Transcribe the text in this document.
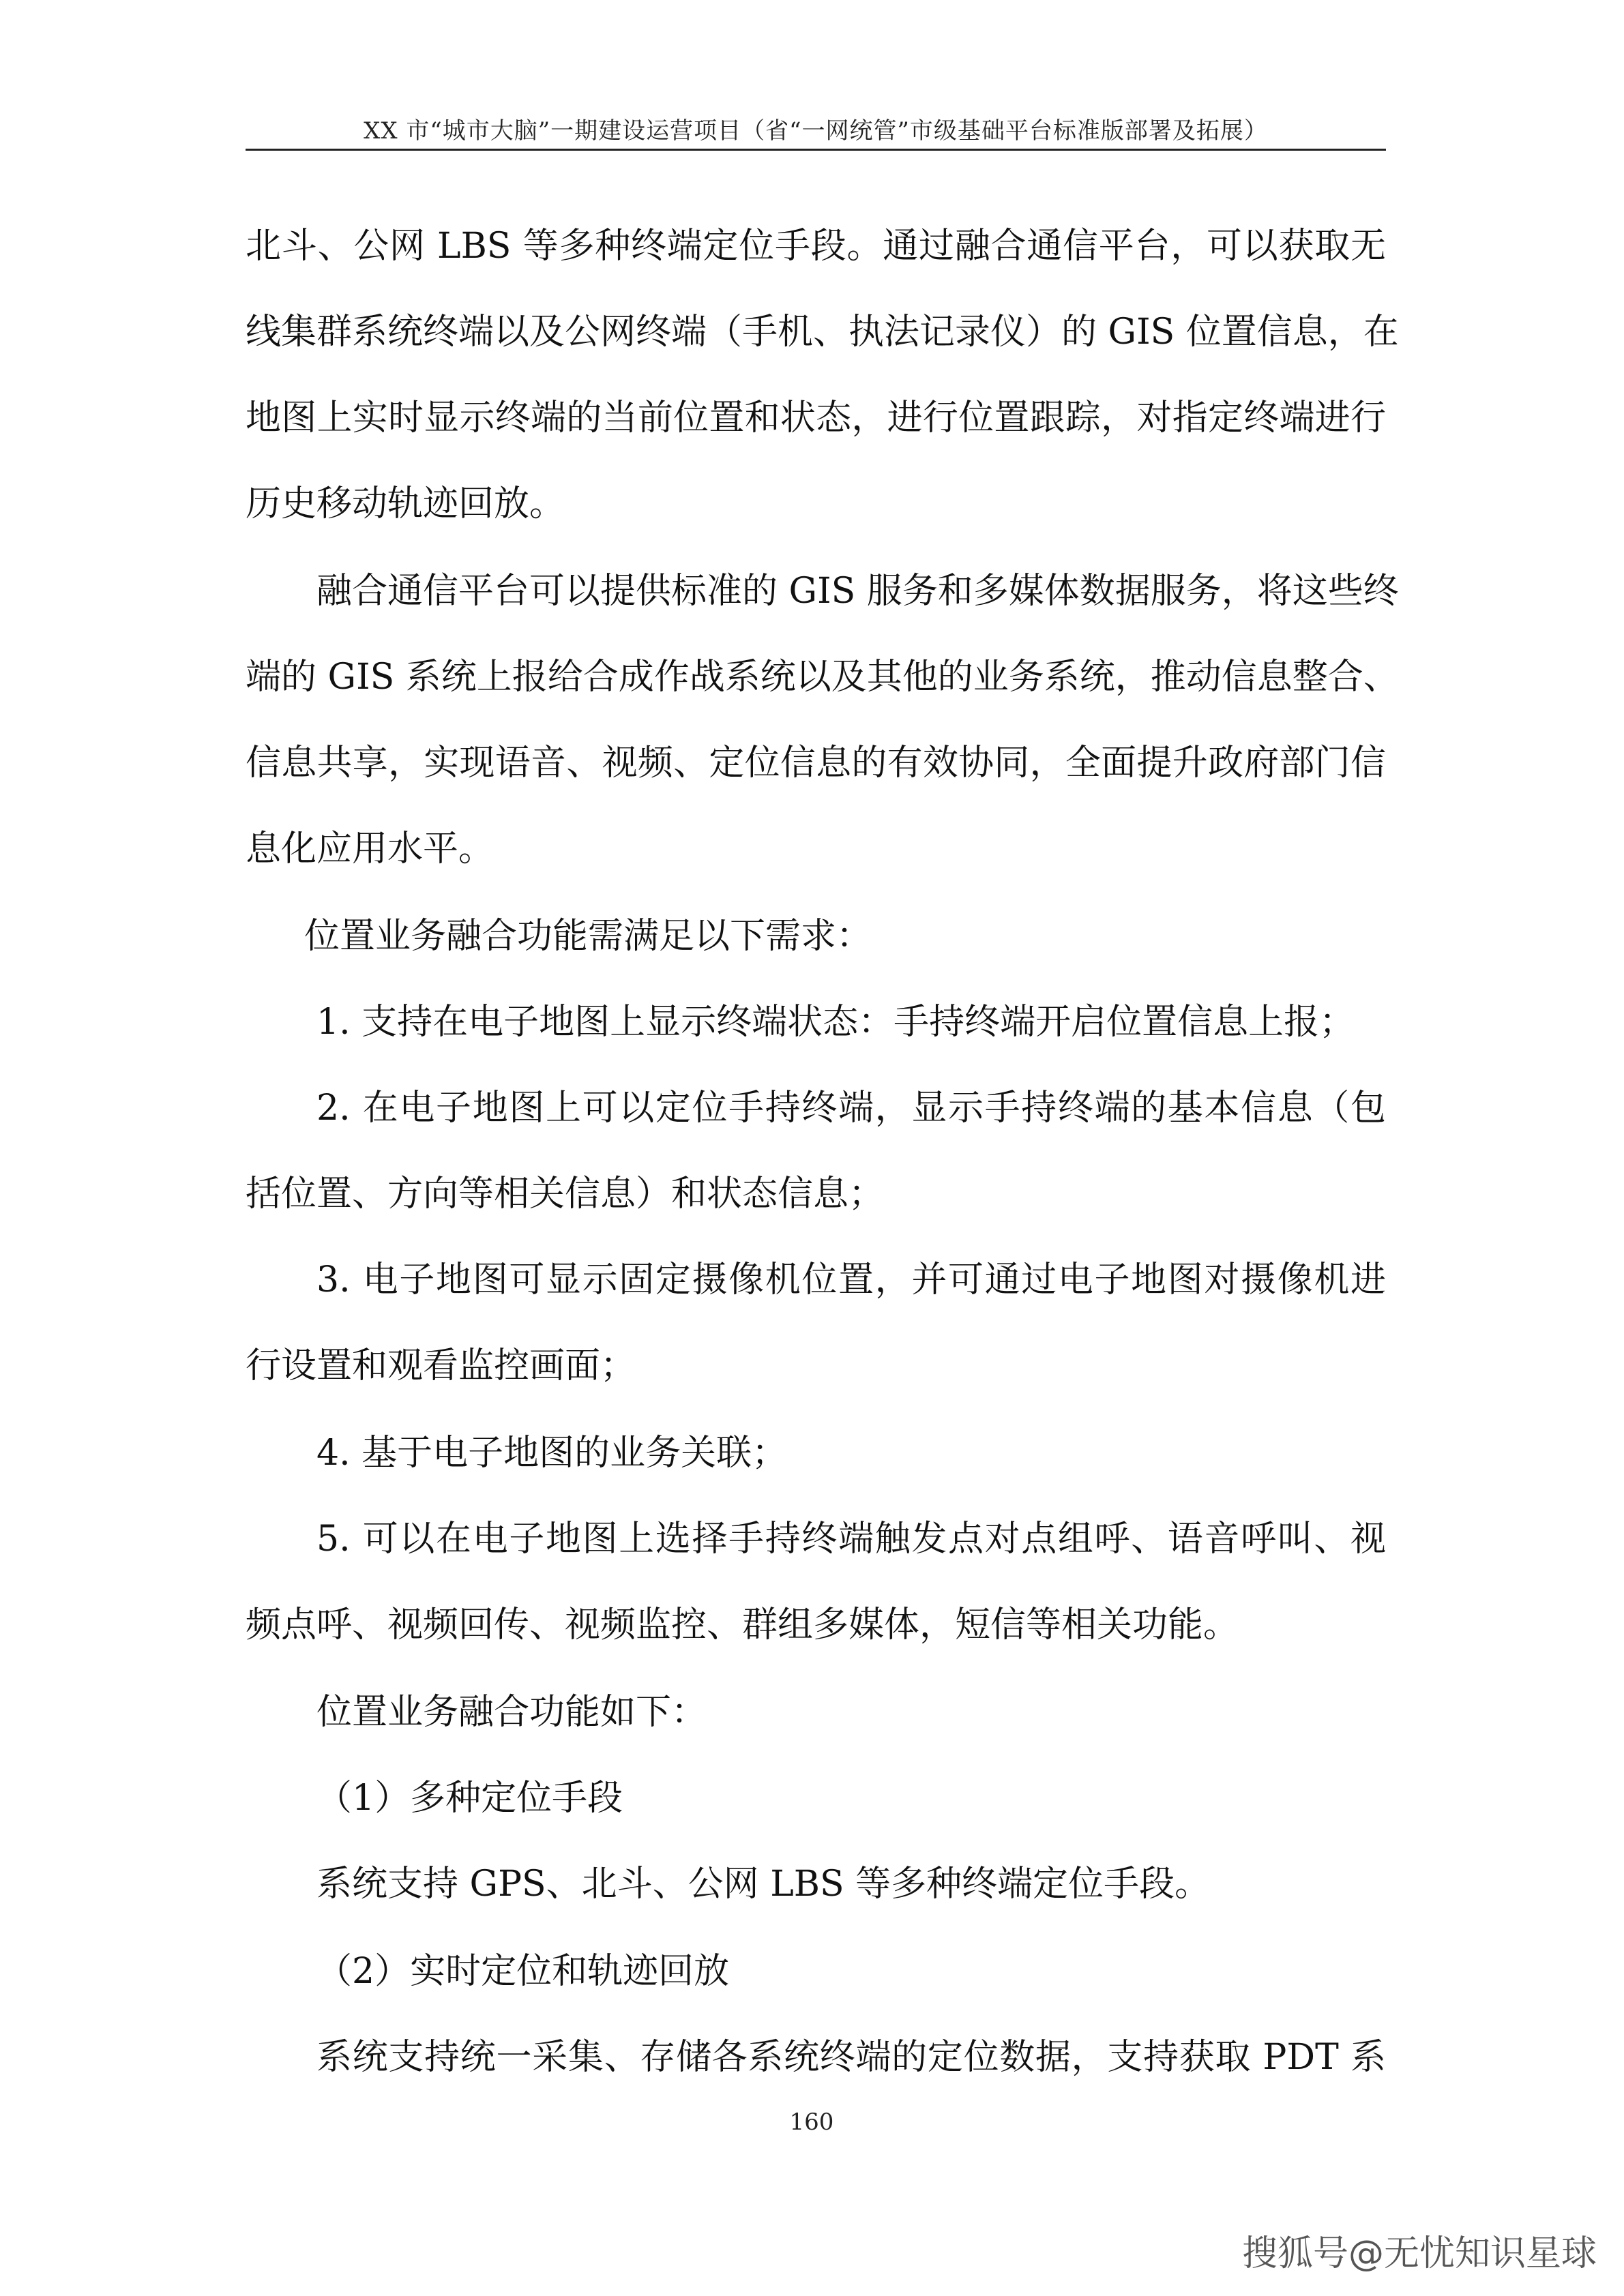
XX 市“城市大脑”一期建设运营项目（省“一网统管”市级基础平台标准版部署及拓展）
北斗、公网 LBS 等多种终端定位手段。通过融合通信平台，可以获取无
线集群系统终端以及公网终端（手机、执法记录仪）的 GIS 位置信息，在
地图上实时显示终端的当前位置和状态，进行位置跟踪，对指定终端进行
历史移动轨迹回放。
融合通信平台可以提供标准的 GIS 服务和多媒体数据服务，将这些终
端的 GIS 系统上报给合成作战系统以及其他的业务系统，推动信息整合、
信息共享，实现语音、视频、定位信息的有效协同，全面提升政府部门信
息化应用水平。
位置业务融合功能需满足以下需求：
1. 支持在电子地图上显示终端状态：手持终端开启位置信息上报；
2. 在电子地图上可以定位手持终端，显示手持终端的基本信息（包
括位置、方向等相关信息）和状态信息；
3. 电子地图可显示固定摄像机位置，并可通过电子地图对摄像机进
行设置和观看监控画面；
4. 基于电子地图的业务关联；
5. 可以在电子地图上选择手持终端触发点对点组呼、语音呼叫、视
频点呼、视频回传、视频监控、群组多媒体，短信等相关功能。
位置业务融合功能如下：
（1）多种定位手段
系统支持 GPS、北斗、公网 LBS 等多种终端定位手段。
（2）实时定位和轨迹回放
系统支持统一采集、存储各系统终端的定位数据，支持获取 PDT 系
160
搜狐号@无忧知识星球
